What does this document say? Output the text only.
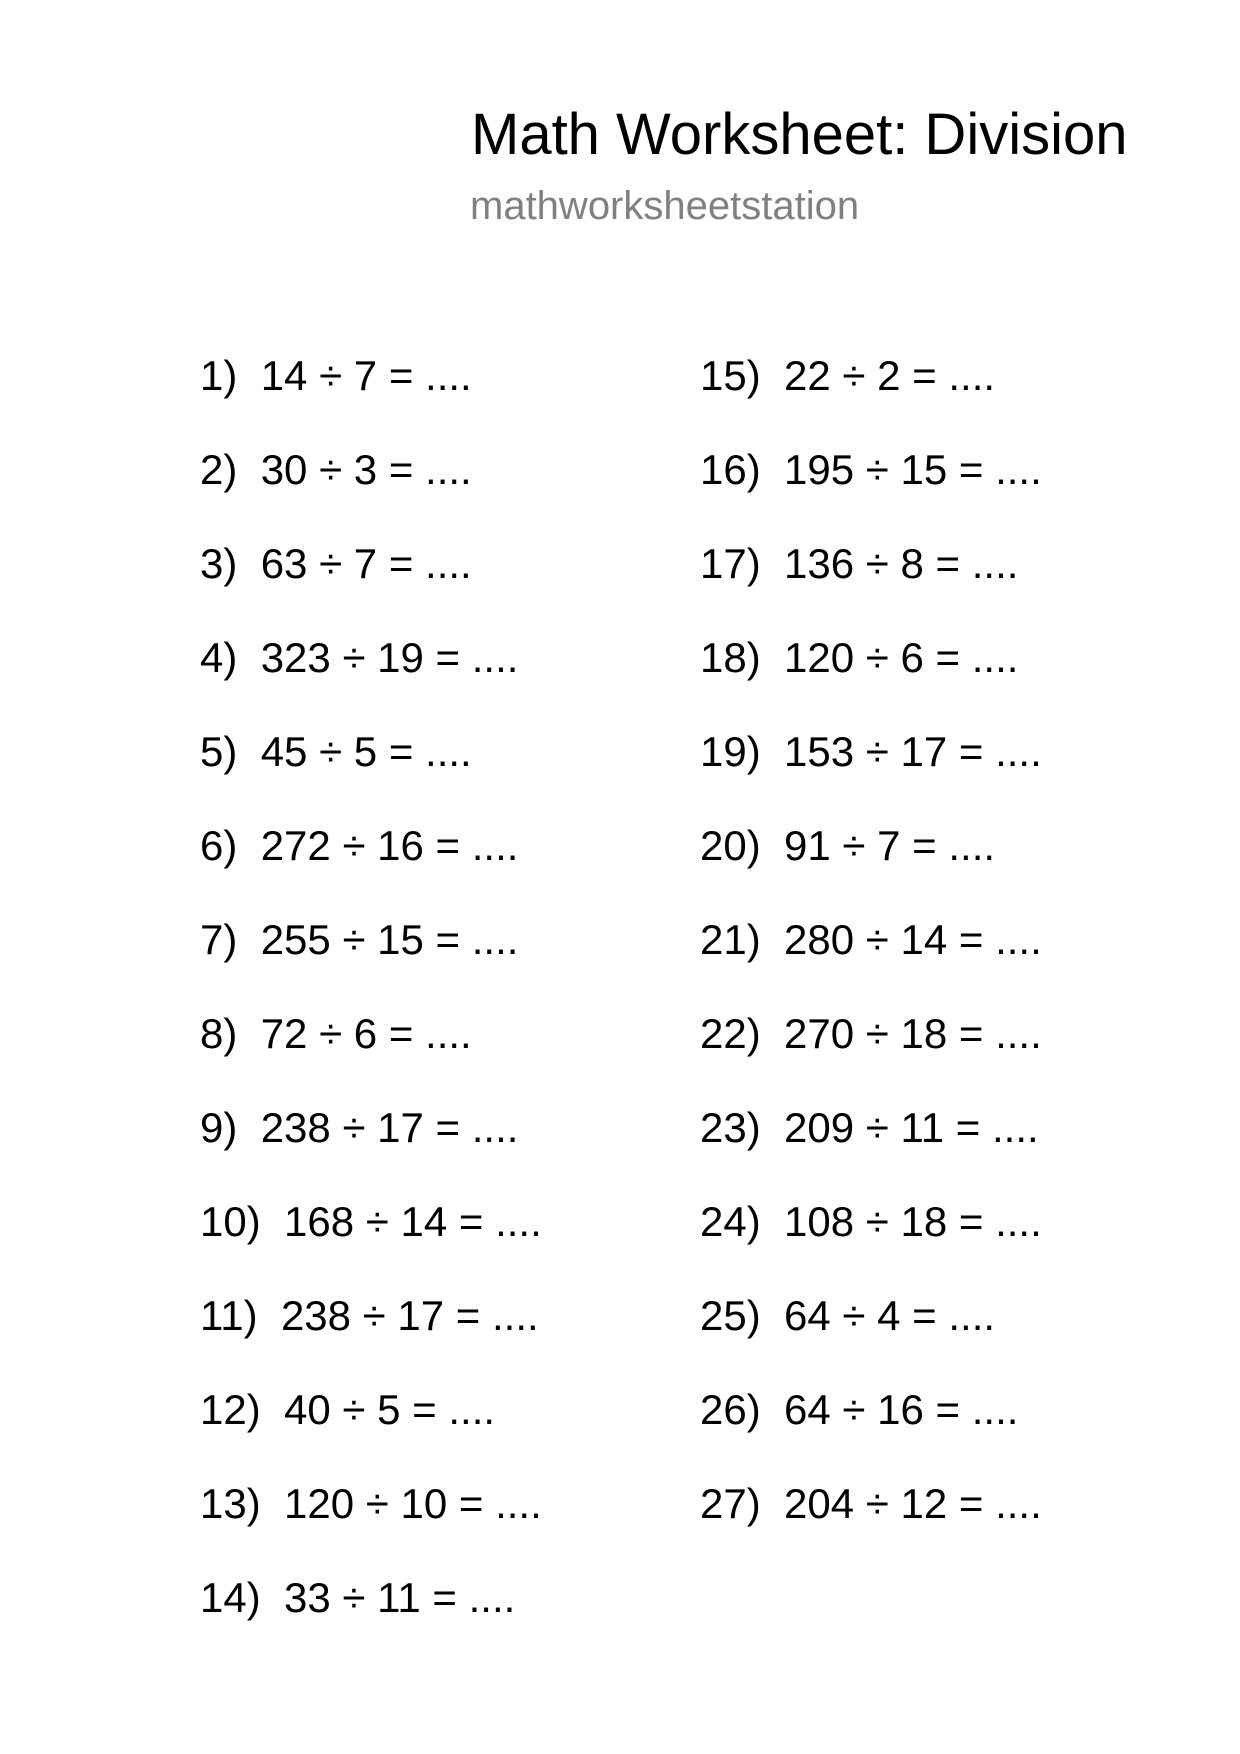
Math Worksheet: Division
mathworksheetstation
1) 14 ÷ 7 = ....
2) 30 ÷ 3 = ....
3) 63 ÷ 7 = ....
4) 323 ÷ 19 = ....
5) 45 ÷ 5 = ....
6) 272 ÷ 16 = ....
7) 255 ÷ 15 = ....
8) 72 ÷ 6 = ....
9) 238 ÷ 17 = ....
10) 168 ÷ 14 = ....
11) 238 ÷ 17 = ....
12) 40 ÷ 5 = ....
13) 120 ÷ 10 = ....
14) 33 ÷ 11 = ....
15) 22 ÷ 2 = ....
16) 195 ÷ 15 = ....
17) 136 ÷ 8 = ....
18) 120 ÷ 6 = ....
19) 153 ÷ 17 = ....
20) 91 ÷ 7 = ....
21) 280 ÷ 14 = ....
22) 270 ÷ 18 = ....
23) 209 ÷ 11 = ....
24) 108 ÷ 18 = ....
25) 64 ÷ 4 = ....
26) 64 ÷ 16 = ....
27) 204 ÷ 12 = ....
